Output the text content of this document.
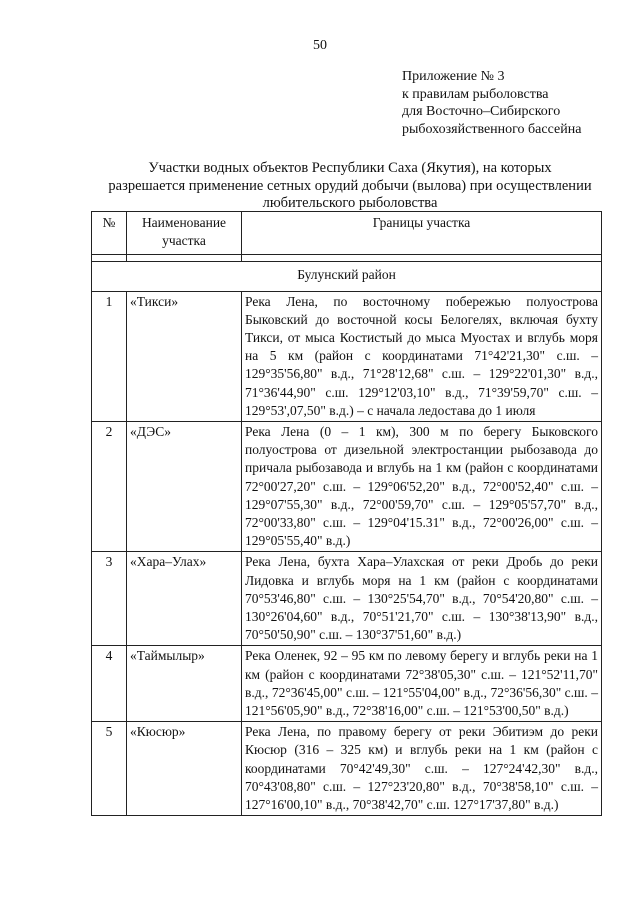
50
Приложение № 3
к правилам рыболовства
для Восточно–Сибирского
рыбохозяйственного бассейна
Участки водных объектов Республики Саха (Якутия), на которых
разрешается применение сетных орудий добычи (вылова) при осуществлении
любительского рыболовства
№	Наименование участка	Границы участка

Булунский район		
1	«Тикси»	Река Лена, по восточному побережью полуострова Быковский до восточной косы Белогелях, включая бухту Тикси, от мыса Костистый до мыса Муостах и вглубь моря на 5 км (район с координатами 71°42'21,30" с.ш. – 129°35'56,80" в.д., 71°28'12,68" с.ш. – 129°22'01,30" в.д., 71°36'44,90" с.ш. 129°12'03,10" в.д., 71°39'59,70" с.ш. – 129°53',07,50" в.д.) – с начала ледостава до 1 июля
2	«ДЭС»	Река Лена (0 – 1 км), 300 м по берегу Быковского полуострова от дизельной электростанции рыбозавода до причала рыбозавода и вглубь на 1 км (район с координатами 72°00'27,20" с.ш. – 129°06'52,20" в.д., 72°00'52,40" с.ш. – 129°07'55,30" в.д., 72°00'59,70" с.ш. – 129°05'57,70" в.д., 72°00'33,80" с.ш. – 129°04'15.31" в.д., 72°00'26,00" с.ш. – 129°05'55,40" в.д.)
3	«Хара–Улах»	Река Лена, бухта Хара–Улахская от реки Дробь до реки Лидовка и вглубь моря на 1 км (район с координатами 70°53'46,80" с.ш. – 130°25'54,70" в.д., 70°54'20,80" с.ш. – 130°26'04,60" в.д., 70°51'21,70" с.ш. – 130°38'13,90" в.д., 70°50'50,90" с.ш. – 130°37'51,60" в.д.)
4	«Таймылыр»	Река Оленек, 92 – 95 км по левому берегу и вглубь реки на 1 км (район с координатами 72°38'05,30" с.ш. – 121°52'11,70" в.д., 72°36'45,00" с.ш. – 121°55'04,00" в.д., 72°36'56,30" с.ш. – 121°56'05,90" в.д., 72°38'16,00" с.ш. – 121°53'00,50" в.д.)
5	«Кюсюр»	Река Лена, по правому берегу от реки Эбитиэм до реки Кюсюр (316 – 325 км) и вглубь реки на 1 км (район с координатами 70°42'49,30" с.ш. – 127°24'42,30" в.д., 70°43'08,80" с.ш. – 127°23'20,80" в.д., 70°38'58,10" с.ш. – 127°16'00,10" в.д., 70°38'42,70" с.ш. 127°17'37,80" в.д.)
